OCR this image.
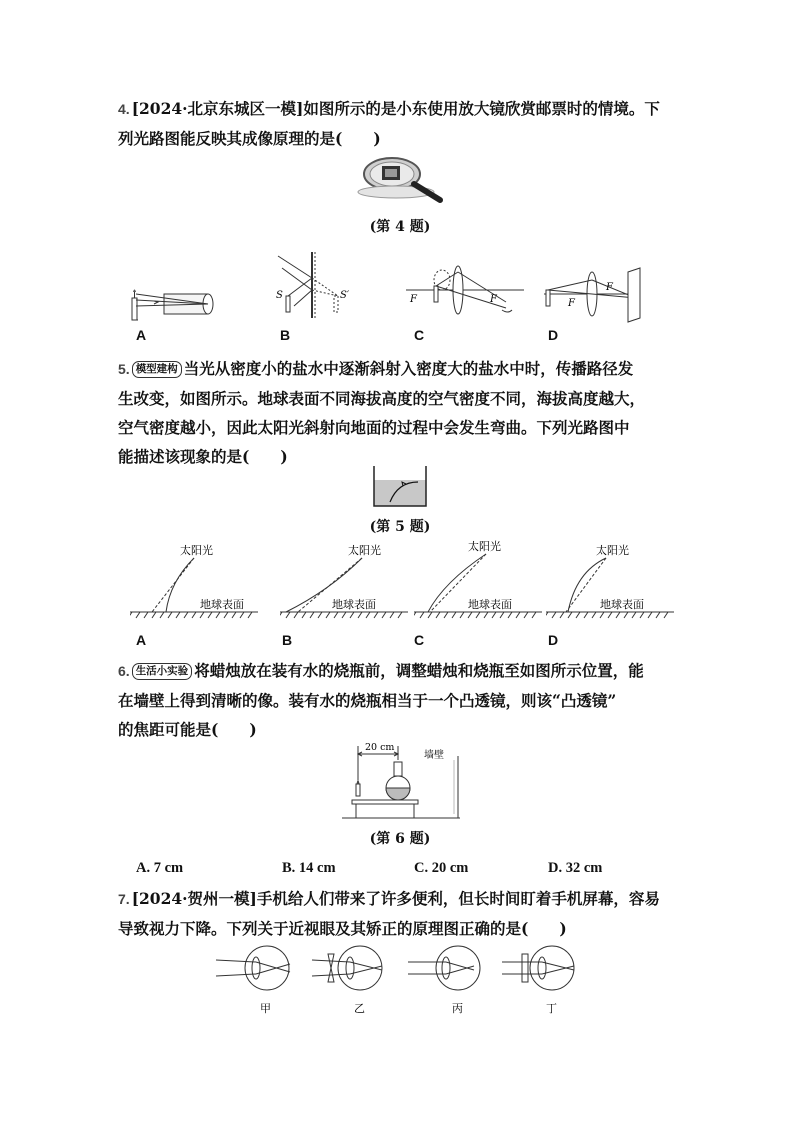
4. [2024·北京东城区一模]如图所示的是小东使用放大镜欣赏邮票时的情境。下
列光路图能反映其成像原理的是(　　)
(第 4 题)
A
S	S′
B
F	F
C
F
F
D
5. 模型建构 当光从密度小的盐水中逐渐斜射入密度大的盐水中时，传播路径发
生改变，如图所示。地球表面不同海拔高度的空气密度不同，海拔高度越大，
空气密度越小，因此太阳光斜射向地面的过程中会发生弯曲。下列光路图中
能描述该现象的是(　　)
(第 5 题)
太阳光
地球表面
A
太阳光
地球表面
B
太阳光
地球表面
C
太阳光
地球表面
D
6. 生活小实验 将蜡烛放在装有水的烧瓶前，调整蜡烛和烧瓶至如图所示位置，能
在墙壁上得到清晰的像。装有水的烧瓶相当于一个凸透镜，则该“凸透镜”
的焦距可能是(　　)
20 cm
墙壁
(第 6 题)
A. 7 cm	B. 14 cm	C. 20 cm	D. 32 cm
7. [2024·贺州一模]手机给人们带来了许多便利，但长时间盯着手机屏幕，容易
导致视力下降。下列关于近视眼及其矫正的原理图正确的是(　　)
甲	乙	丙	丁
